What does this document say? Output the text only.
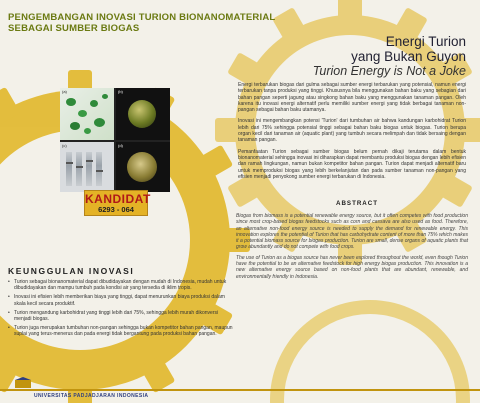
PENGEMBANGAN INOVASI TURION BIONANOMATERIAL
SEBAGAI SUMBER BIOGAS
Energi Turion
yang Bukan Guyon
Turion Energy is Not a Joke

Energi terbarukan biogas dari gulma sebagai sumber energi terbarukan yang potensial, namun energi terbarukan tanpa produksi yang tinggi. Khususnya bila menggunakan bahan baku yang sebagian dari bahan pangan seperti jagung atau singkong bahan baku yang menggunakan tanaman pangan. Oleh karena itu inovasi energi alternatif perlu memiliki sumber energi yang tidak berbagai tanaman non-pangan sebagai bahan baku utamanya.

Inovasi ini mengembangkan potensi 'Turion' dari tumbuhan air bahwa kandungan karbohidrat Turion lebih dari 75% sehingga potensial tinggi sebagai bahan baku biogas untuk biogas. Turion berupa organ kecil dari tanaman air (aquatic plant) yang tumbuh secara melimpah dan tidak bersaing dengan tanaman pangan.

Pemanfaatan Turion sebagai sumber biogas belum pernah dikaji terutama dalam bentuk bionanomaterial sehingga inovasi ini diharapkan dapat membantu produksi biogas dengan lebih efisien dan ramah lingkungan, namun bukan kompetitor bahan pangan. Turion dapat menjadi alternatif baru untuk memproduksi biogas yang lebih berkelanjutan dan pada sumber tanaman non-pangan yang efisien menjadi penyokong sumber energi terbarukan di Indonesia.

ABSTRACT

Biogas from biomass is a potential renewable energy source, but it often competes with food production since most crop-based biogas feedstocks such as corn and cassava are also used as food. Therefore, an alternative non-food energy source is needed to supply the demand for renewable energy. This innovation explores the potential of Turion that has carbohydrate content of more than 75% which makes it a potential biomass source for biogas production. Turion are small, dense organs of aquatic plants that grow abundantly and do not compete with food crops.

The use of Turion as a biogas source has never been explored throughout the world, even though Turion have the potential to be an alternative feedstock for high energy biogas production. This innovation is a new alternative energy source based on non-food plants that are abundant, renewable, and environmentally friendly in Indonesia.

(a)	(b)
(c)	(d)
KANDIDAT
6293 - 064
KEUNGGULAN INOVASI
• Turion sebagai bionanomaterial dapat dibudidayakan dengan mudah di Indonesia, mudah untuk dibudidayakan dan mampu tumbuh pada kondisi air yang tersedia di iklim tropis.
• Inovasi ini efisien lebih memberikan biaya yang tinggi, dapat menurunkan biaya produksi dalam skala kecil secara produktif.
• Turion mengandung karbohidrat yang tinggi lebih dari 75%, sehingga lebih murah dikonversi menjadi biogas.
• Turion juga merupakan tumbuhan non-pangan sehingga bukan kompetitor bahan pangan, maupun suplai yang terus-menerus dan pada energi tidak bergantung pada produksi bahan pangan.
UNIVERSITAS PADJADJARAN INDONESIA
